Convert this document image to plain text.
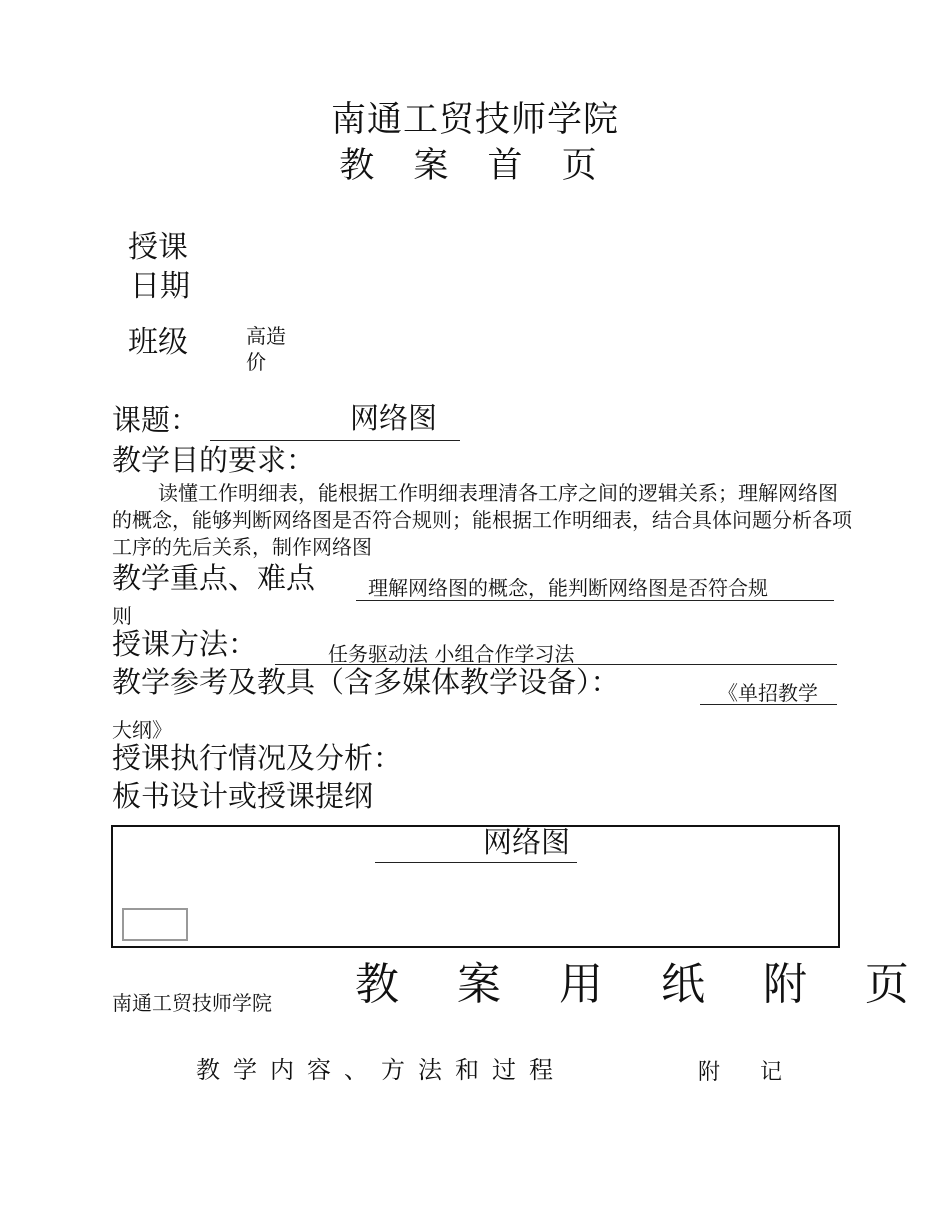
南通工贸技师学院
教 案 首 页
授课
日期
班级	高造
价
课题：	网络图
教学目的要求：
读懂工作明细表，能根据工作明细表理清各工序之间的逻辑关系；理解网络图的概念，能够判断网络图是否符合规则；能根据工作明细表，结合具体问题分析各项工序的先后关系，制作网络图
教学重点、难点	理解网络图的概念，能判断网络图是否符合规
则
授课方法：	任务驱动法 小组合作学习法
教学参考及教具（含多媒体教学设备）：	《单招教学
大纲》
授课执行情况及分析：
板书设计或授课提纲
网络图
教 案 用 纸 附 页
南通工贸技师学院
教学内容、方法和过程	附记
